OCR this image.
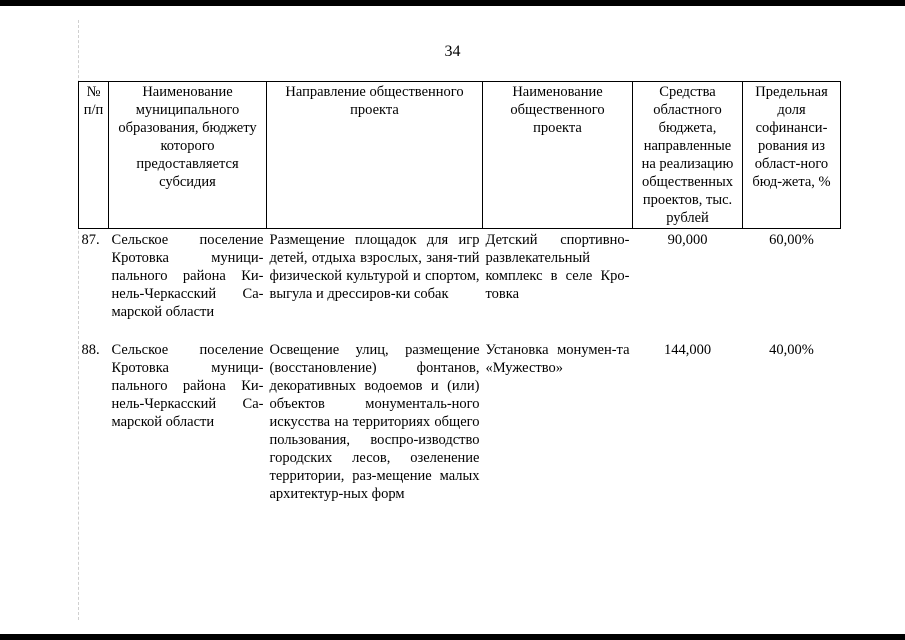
34
№ п/п	Наименование муниципального образования, бюджету которого предоставляется субсидия	Направление общественного проекта	Наименование общественного проекта	Средства областного бюджета, направленные на реализацию общественных проектов, тыс. рублей	Предельная доля софинанси-рования из област-ного бюд-жета, %
87.	Сельское поселение Кротовка муници-пального района Ки-нель-Черкасский Са-марской области	Размещение площадок для игр детей, отдыха взрослых, заня-тий физической культурой и спортом, выгула и дрессиров-ки собак	Детский спортивно-развлекательный комплекс в селе Кро-товка	90,000	60,00%

88.	Сельское поселение Кротовка муници-пального района Ки-нель-Черкасский Са-марской области	Освещение улиц, размещение (восстановление) фонтанов, декоративных водоемов и (или) объектов монументаль-ного искусства на территориях общего пользования, воспро-изводство городских лесов, озеленение территории, раз-мещение малых архитектур-ных форм	Установка монумен-та «Мужество»	144,000	40,00%
